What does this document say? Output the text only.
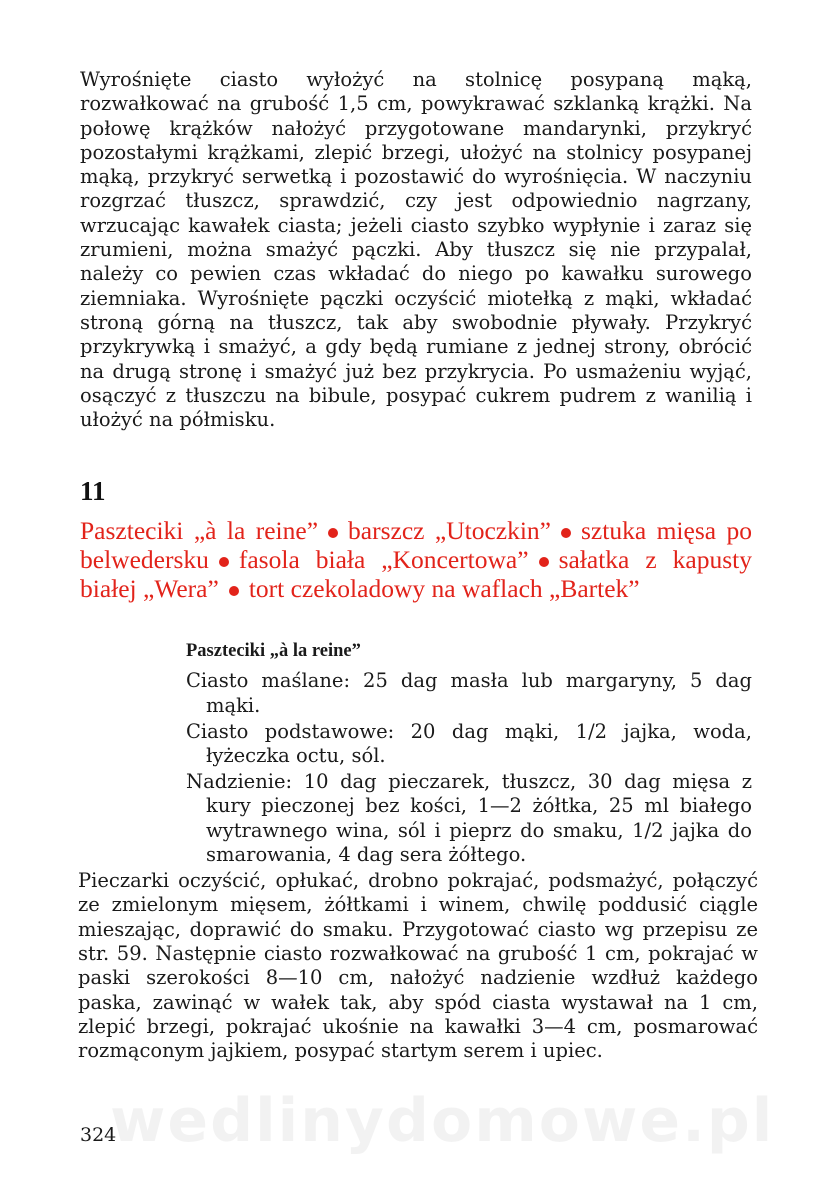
Wyrośnięte ciasto wyłożyć na stolnicę posypaną mąką, rozwałkować na grubość 1,5 cm, powykrawać szklanką krążki. Na połowę krążków nałożyć przygotowane mandarynki, przykryć pozostałymi krążkami, zlepić brzegi, ułożyć na stolnicy posypanej mąką, przykryć serwetką i pozostawić do wyrośnięcia. W naczyniu rozgrzać tłuszcz, sprawdzić, czy jest odpowiednio nagrzany, wrzucając kawałek ciasta; jeżeli ciasto szybko wypłynie i zaraz się zrumieni, można smażyć pączki. Aby tłuszcz się nie przypalał, należy co pewien czas wkładać do niego po kawałku surowego ziemniaka. Wyrośnięte pączki oczyścić miotełką z mąki, wkładać stroną górną na tłuszcz, tak aby swobodnie pływały. Przykryć przykrywką i smażyć, a gdy będą rumiane z jednej strony, obrócić na drugą stronę i smażyć już bez przykrycia. Po usmażeniu wyjąć, osączyć z tłuszczu na bibule, posypać cukrem pudrem z wanilią i ułożyć na półmisku.

11

Paszteciki „à la reine” barszcz „Utoczkin” sztuka mięsa po belwedersku fasola biała „Koncertowa” sałatka z kapusty białej „Wera” tort czekoladowy na waflach „Bartek”

Paszteciki „à la reine”

Ciasto maślane: 25 dag masła lub margaryny, 5 dag mąki.

Ciasto podstawowe: 20 dag mąki, 1/2 jajka, woda, łyżeczka octu, sól.

Nadzienie: 10 dag pieczarek, tłuszcz, 30 dag mięsa z kury pieczonej bez kości, 1—2 żółtka, 25 ml białego wytrawnego wina, sól i pieprz do smaku, 1/2 jajka do smarowania, 4 dag sera żółtego.

Pieczarki oczyścić, opłukać, drobno pokrajać, podsmażyć, połączyć ze zmielonym mięsem, żółtkami i winem, chwilę poddusić ciągle mieszając, doprawić do smaku. Przygotować ciasto wg przepisu ze str. 59. Następnie ciasto rozwałkować na grubość 1 cm, pokrajać w paski szerokości 8—10 cm, nałożyć nadzienie wzdłuż każdego paska, zawinąć w wałek tak, aby spód ciasta wystawał na 1 cm, zlepić brzegi, pokrajać ukośnie na kawałki 3—4 cm, posmarować rozmąconym jajkiem, posypać startym serem i upiec.

wedlinydomowe.pl
324
